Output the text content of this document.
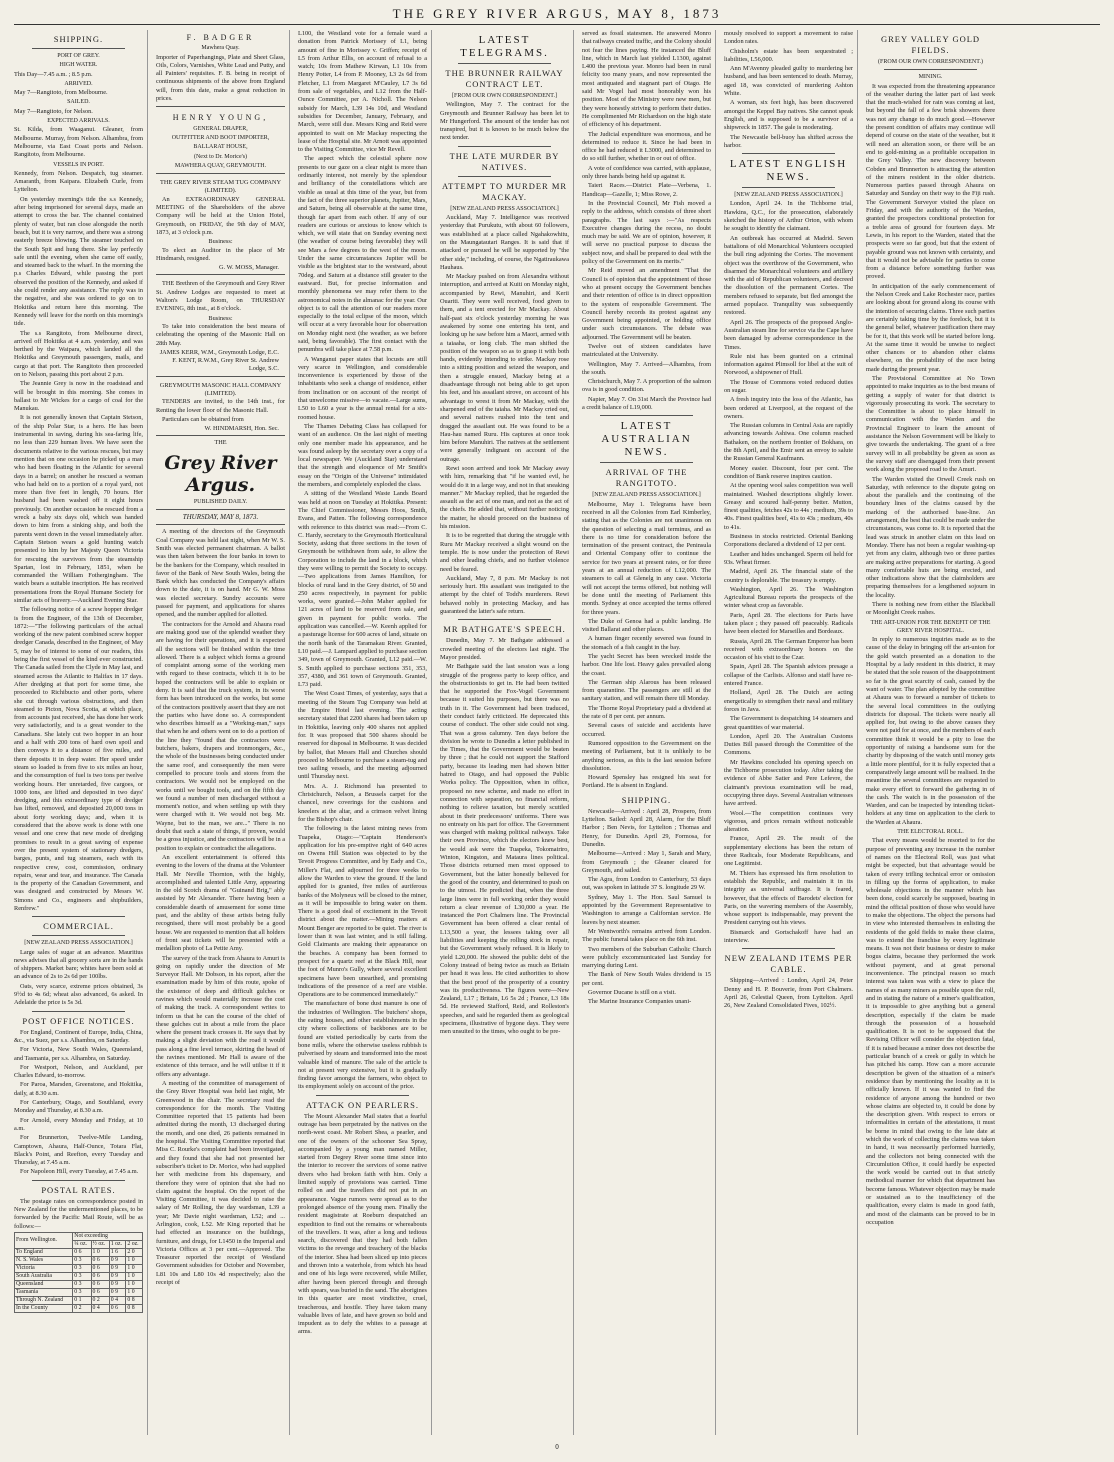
THE GREY RIVER ARGUS, MAY 8, 1873
SHIPPING.
PORT OF GREY.
HIGH WATER.

This Day—7.45 a.m. ; 8.5 p.m.

ARRIVED.

May 7—Rangitoto, from Melbourne.

SAILED.

May 7—Rangitoto, for Nelson.

EXPECTED ARRIVALS.

St. Kilda, from Waaganui. Gleaner, from Melbourne. Murray, from Nelson. Alhambra, from Melbourne, via East Coast ports and Nelson. Rangitoto, from Melbourne.

VESSELS IN PORT.

Kennedy, from Nelson. Despatch, tug steamer. Amaranth, from Kaipara. Elizabeth Curle, from Lyttelton.

On yesterday morning's tide the s.s Kennedy, after being imprisoned for several days, made an attempt to cross the bar. The channel contained plenty of water, but ran close alongside the north beach, but it is very narrow, and there was a strong easterly breeze blowing. The steamer touched on the South Spit and hung there. She lay perfectly safe until the evening, when she came off easily, and steamed back to the wharf. In the morning the p.s Charles Edward, while passing the port observed the position of the Kennedy, and asked if she could render any assistance. The reply was in the negative, and she was ordered to go on to Hokitika and return here this morning. The Kennedy will leave for the north on this morning's tide.

The s.s Rangitoto, from Melbourne direct, arrived off Hokitika at 4 a.m. yesterday, and was berthed by the Waipara, which landed all the Hokitika and Greymouth passengers, mails, and cargo at that port. The Rangitoto then proceeded on to Nelson, passing this port about 2 p.m.

The Jeannie Grey is now in the roadstead and will be brought in this morning. She comes in ballast to Mr Wickes for a cargo of coal for the Manukau.

It is not generally known that Captain Stetson, of the ship Polar Star, is a hero. He has been instrumental in saving, during his sea-faring life, no less than 229 human lives. We have seen the documents relative to the various rescues, but may mention that on one occasion he picked up a man who had been floating in the Atlantic for several days in a barrel; on another he rescued a woman who had held on to a portion of a royal yard, not more than five feet in length, 70 hours. Her husband had been washed off it eight hours previously. On another occasion he rescued from a wreck a baby six days old, which was handed down to him from a sinking ship, and both the parents went down in the vessel immediately after. Captain Stetson wears a gold hunting watch presented to him by her Majesty Queen Victoria for rescuing the survivors from the steamship Spartan, lost in February, 1851, when he commanded the William Fothergingham. The watch bears a suitable inscription. He has received presentations from the Royal Humane Society for similar acts of bravery.—Auckland Evening Star.

The following notice of a screw hopper dredger is from the Engineer, of the 13th of December, 1872:—"The following particulars of the actual working of the new patent combined screw hopper dredger Canada, described in the Engineer, of May 5, may be of interest to some of our readers, this being the first vessel of the kind ever constructed. The Canada sailed from the Clyde in May last, and steamed across the Atlantic to Halifax in 17 days. After dredging at that port for some time, she proceeded to Richibucto and other ports, where she cut through various obstructions, and then steamed to Picton, Nova Scotia, at which place, from accounts just received, she has done her work very satisfactorily, and is a great wonder to the Canadians. She lately cut two hopper in an hour and a half with 200 tons of hard own spoil and then conveys it to a distance of five miles, and there deposits it in deep water. Her speed under steam so loaded is from five to six miles an hour, and the consumption of fuel is two tons per twelve working hours. Her unretarded, five cargoes, or 1000 tons, are lifted and deposited in two days' dredging, and this extraordinary type of dredger has lifted, removed, and deposited 20,000 tons in about forty working days; and, when it is considered that the above work is done with one vessel and one crew that new mode of dredging promises to result in a great saving of expense over the present system of stationary dredgers, barges, punts, and tug steamers, each with its respective crew, cost, commission, ordinary repairs, wear and tear, and insurance. The Canada is the property of the Canadian Government, and was designed and constructed by Messrs W. Simons and Co., engineers and shipbuilders, Renfrew."

COMMERCIAL.
[NEW ZEALAND PRESS ASSOCIATION.]

Large sales of sugar at an advance. Mauritius news advises that all grocery sorts are in the hands of shippers. Market bare; whites have been sold at an advance of 2s to 2s 6d per 100lbs.

Oats, very scarce, extreme prices obtained, 3s 9½d to 4s 6d; wheat also advanced, 6s asked. In Adelaide the price is 5s 3d.

POST OFFICE NOTICES.

For England, Continent of Europe, India, China, &c., via Suez, per s.s. Alhambra, on Saturday.

For Victoria, New South Wales, Queensland, and Tasmania, per s.s. Alhambra, on Saturday.

For Westport, Nelson, and Auckland, per Charles Edward, to-morrow.

For Paroa, Marsden, Greenstone, and Hokitika, daily, at 8.30 a.m.

For Canterbury, Otago, and Southland, every Monday and Thursday, at 8.30 a.m.

For Arnold, every Monday and Friday, at 10 a.m.

For Brunnerton, Twelve-Mile Landing, Camptown, Ahaura, Half-Ounce, Totara Flat, Black's Point, and Reefton, every Tuesday and Thursday, at 7.45 a.m.

For Napoleon Hill, every Tuesday, at 7.45 a.m.

POSTAL RATES.

The postage rates on correspondence posted in New Zealand for the undermentioned places, to be forwarded by the Pacific Mail Route, will be as follows:—

From Wellington.	Not exceeding			
	¼ oz.	½ oz.	1 oz.	2 oz.
To England	0 6	1 0	1 6	2 0
N. S. Wales	0 3	0 6	0 9	1 0
Victoria	0 3	0 6	0 9	1 0
South Australia	0 3	0 6	0 9	1 0
Queensland	0 3	0 6	0 9	1 0
Tasmania	0 3	0 6	0 9	1 0
Through N. Zealand	0 1	0 2	0 4	0 8
In the County	0 2	0 4	0 6	0 8
F. BADGER
Mawhera Quay.

Importer of Paperhangings, Plate and Sheet Glass, Oils, Colors, Varnishes, White Lead and Putty, and all Painters' requisites. F. B. being in receipt of continuous shipments of the above from England will, from this date, make a great reduction in prices.

HENRY YOUNG,
GENERAL DRAPER,
OUTFITTER AND BOOT IMPORTER,
BALLARAT HOUSE,
(Next to Dr. Morice's)
MAWHERA QUAY, GREYMOUTH.
THE GREY RIVER STEAM TUG COMPANY (LIMITED).

An EXTRAORDINARY GENERAL MEETING of the Shareholders of the above Company will be held at the Union Hotel, Greymouth, on FRIDAY, the 9th day of MAY, 1873, at 3 o'clock p.m.

Business:

To elect an Auditor in the place of Mr Hindmarsh, resigned.

G. W. MOSS, Manager.

THE Brethren of the Greymouth and Grey River St. Andrew Lodges are requested to meet at Walton's Lodge Room, on THURSDAY EVENING, 8th inst., at 8 o'clock.

Business:

To take into consideration the best means of celebrating the opening of the Masonic Hall on 28th May.

JAMES KERR, W.M., Greymouth Lodge, E.C.
F. KENT, R.W.M., Grey River St. Andrew Lodge, S.C.
GREYMOUTH MASONIC HALL COMPANY (LIMITED).

TENDERS are invited, to the 14th inst., for Renting the lower floor of the Masonic Hall.

Particulars can be obtained from

W. HINDMARSH, Hon. Sec.
THE
Grey River Argus.
PUBLISHED DAILY.
THURSDAY, MAY 8, 1873.

A meeting of the directors of the Greymouth Coal Company was held last night, when Mr W. S. Smith was elected permanent chairman. A ballot was then taken between the four banks in town to be the bankers for the Company, which resulted in favor of the Bank of New South Wales, being the Bank which has conducted the Company's affairs down to the date, it is on hand. Mr G. W. Moss was elected secretary. Sundry accounts were passed for payment, and applications for shares opened, and the number applied for allotted.

The contractors for the Arnold and Ahaura road are making good use of the splendid weather they are having for their operations, and it is expected all the sections will be finished within the time allowed. There is a subject which forms a ground of complaint among some of the working men with regard to these contracts, which it is to be hoped the contractors will be able to explain or deny. It is said that the truck system, in its worst form has been introduced on the works, but some of the contractors positively assert that they are not the parties who have done so. A correspondent who describes himself as a "Working-man," says that when he and others went on to do a portion of the line they "found that the contractors were butchers, bakers, drapers and ironmongers, &c., the whole of the businesses being conducted under the same roof, and consequently the men were compelled to procure tools and stores from the contractors. We would not be employed on the works until we bought tools, and on the fifth day we found a number of men discharged without a moment's notice, and when settling up with they were charged with it. We would not beg. Mr. Wayne, but to the man, we are..." There is no doubt that such a state of things, if proven, would be a gross injustice, and the contractors will be in a position to explain or contradict the allegations.

An excellent entertainment is offered this evening to the lovers of the drama at the Volunteer Hall. Mr Neville Thornton, with the highly, accomplished and talented Little Amy, appearing in the old Scotch drama of "Guinand Brig," ably assisted by Mr Alexander. There having been a considerable dearth of amusement for some time past, and the ability of these artists being fully recognised, there will most probably be a good house. We are requested to mention that all holders of front seat tickets will be presented with a medallion photo of La Petite Amy.

The survey of the track from Ahaura to Amuri is going on rapidly under the direction of Mr Surveyor Hall. Mr Dobson, in his report, after the examination made by him of this route, spoke of the existence of deep and difficult gulches or ravines which would materially increase the cost of making the track. A correspondent writes to inform us that he can the course of the chief of these gulches cut in about a mile from the place where the present track crosses it. He says that by making a slight deviation with the road it would pass along a fine level terrace, skirting the head of the ravines mentioned. Mr Hall is aware of the existence of this terrace, and he will utilise it if it offers any advantage.

A meeting of the committee of management of the Grey River Hospital was held last night, Mr Greenwood in the chair. The secretary read the correspondence for the month. The Visiting Committee reported that 15 patients had been admitted during the month, 13 discharged during the month, and one died, 26 patients remained in the hospital. The Visiting Committee reported that Miss C. Rourke's complaint had been investigated, and they found that she had not presented her subscriber's ticket to Dr. Morice, who had supplied her with medicine from his dispensary, and therefore they were of opinion that she had no claim against the hospital. On the report of the Visiting Committee, it was decided to raise the salary of Mr Rolling, the day wardsman, L39 a year; Mr Davie night wardsman, L52; and ... Arlington, cook, L52. Mr King reported that he had effected an insurance on the buildings, furniture, and drugs, for L1450 in the Imperial and Victoria Offices at 3 per cent.—Approved. The Treasurer reported the receipt of Westland Government subsidies for October and November, L81 10s and L80 10s 4d respectively; also the receipt of

L100, the Westland vote for a female ward a donation from Patrick Morissey of L1, being amount of fine in Morissey v. Griffen; receipt of L5 from Arthur Ellis, on account of refusal to a watch; 10s from Mathew Kirwan, L1 10s from Henry Potter, L4 from P. Mooney, L3 2s 6d from Fletcher, L1 from Margaret M'Cauley, L7 3s 6d from sale of vegetables, and L12 from the Half-Ounce Committee, per A. Nicholl. The Nelson subsidy for March, L39 14s 10d, and Westland subsidies for December, January, February, and March, were still due. Messrs King and Reid were appointed to wait on Mr Mackay respecting the lease of the Hospital site. Mr Arnott was appointed to the Visiting Committee, vice Mr Revell.

The aspect which the celestial sphere now presents to our gaze on a clear night is more than ordinarily interest, not merely by the splendour and brilliancy of the constellations which are visible as usual at this time of the year, but from the fact of the three superior planets, Jupiter, Mars, and Saturn, being all observable at the same time, though far apart from each other. If any of our readers are curious or anxious to know which is which, we will state that on Sunday evening next (the weather of course being favorable) they will see Mars a few degrees to the west of the moon. Under the same circumstances Jupiter will be visible as the brightest star to the westward, about 70deg. and Saturn at a distance still greater to the eastward. But, for precise information and monthly phenomena we may refer them to the astronomical notes in the almanac for the year. Our object is to call the attention of our readers more especially to the total eclipse of the moon, which will occur at a very favorable hour for observation on Monday night next (the weather, as we before said, being favorable). The first contact with the penumbra will take place at 7.58 p.m.

A Wanganui paper states that locusts are still very scarce in Wellington, and considerable inconvenience is experienced by those of the inhabitants who seek a change of residence, either from inclination or on account of the receipt of that unwelcome missive—to vacate.—Large sums, L50 to L60 a year is the annual rental for a six-roomed house.

The Thames Debating Class has collapsed for want of an audience. On the last night of meeting only one member made his appearance, and he was found asleep by the secretary over a copy of a local newspaper. We (Auckland Star) understand that the strength and eloquence of Mr Smith's essay on the "Origin of the Universe" intimidated the members, and completely exploded the class.

A sitting of the Westland Waste Lands Board was held at noon on Tuesday at Hokitika. Present: The Chief Commissioner, Messrs Hoos, Smith, Evans, and Patten. The following correspondence with reference to this district was read:—From C. C. Hardy, secretary to the Greymouth Horticultural Society, asking that three sections in the town of Greymouth be withdrawn from sale, to allow the Corporation to include the land in a block, which they were willing to permit the Society to occupy.—Two applications from James Hamilton, for blocks of rural land in the Grey district, of 50 and 250 acres respectively, in payment for public works, were granted.—John Maher applied for 121 acres of land to be reserved from sale, and given in payment for public works. The application was cancelled.—W. Keenh applied for a pasturage license for 600 acres of land, situate on the north bank of the Taramakau River. Granted, L10 paid.—J. Lampard applied to purchase section 349, town of Greymouth. Granted, L12 paid.—W. S. Smith applied to purchase sections 351, 353, 357, 4380, and 361 town of Greymouth. Granted, L73 paid.

The West Coast Times, of yesterday, says that a meeting of the Steam Tug Company was held at the Empire Hotel last evening. The acting secretary stated that 2200 shares had been taken up in Hokitika, leaving only 400 shares not applied for. It was proposed that 500 shares should be reserved for disposal in Melbourne. It was decided by ballot, that Messrs Hall and Churches should proceed to Melbourne to purchase a steam-tug and two sailing vessels, and the meeting adjourned until Thursday next.

Mrs. A. J. Richmond has presented to Christchurch, Nelson, a Brussels carpet for the chancel, new coverings for the cushions and kneelers at the altar, and a crimson velvet lining for the Bishop's chair.

The following is the latest mining news from Tuapeka, Otago:—"Captain Henderson's application for his pre-emptive right of 640 acres on Owens Hill Station was objected to by the Tevoit Progress Committee, and by Eady and Co., Miller's Flat, and adjourned for three weeks to allow the Warden to view the ground. If the land applied for is granted, five miles of auriferous banks of the Molyneux will be closed to the miner, as it will be impossible to bring water on them. There is a good deal of excitement in the Tevoit district about the matter.—Mining matters at Mount Benger are reported to be quiet. The river is lower than it was last winter, and is still falling. Gold Claimants are making their appearance on the beaches. A company has been formed to prospect for a quartz reef at the Black Hill, near the foot of Munro's Gully, where several excellent specimens have been unearthed, and promising indications of the presence of a reef are visible. Operations are to be commenced immediately."

The manufacture of bone dust manure is one of the industries of Wellington. The butchers' shops, the eating houses, and other establishments in the city where collections of backbones are to be found are visited periodically by carts from the bone mills, where the otherwise useless rubbish is pulverised by steam and transformed into the most valuable kind of manure. The sale of the article is not at present very extensive, but it is gradually finding favor amongst the farmers, who object to its employment solely on account of the price.

ATTACK ON PEARLERS.

The Mount Alexander Mail states that a fearful outrage has been perpetrated by the natives on the north-west coast. Mr Robert Shea, a pearler, and one of the owners of the schooner Sea Spray, accompanied by a young man named Miller, started from Degrey River some time since into the interior to recover the services of some native divers who had broken faith with him. Only a limited supply of provisions was carried. Time rolled on and the travellers did not put in an appearance. Vague rumors were spread as to the prolonged absence of the young men. Finally the resident magistrate at Roeburn despatched an expedition to find out the remains or whereabouts of the travellers. It was, after a long and tedious search, discovered that they had both fallen victims to the revenge and treachery of the blacks of the interior. Shea had been sliced up into pieces and thrown into a waterhole, from which his head and one of his legs were recovered, while Miller, after having been pierced through and through with spears, was buried in the sand. The aborigines in this quarter are most vindictive, cruel, treacherous, and hostile. They have taken many valuable lives of late, and have grown so bold and impudent as to defy the whites to a passage at arms.

LATEST TELEGRAMS.
THE BRUNNER RAILWAY CONTRACT LET.
[FROM OUR OWN CORRESPONDENT.]

Wellington, May 7. The contract for the Greymouth and Brunner Railway has been let to Mr Hungerford. The amount of the tender has not transpired, but it is known to be much below the next tender.

THE LATE MURDER BY NATIVES.
ATTEMPT TO MURDER MR MACKAY.
[NEW ZEALAND PRESS ASSOCIATION.]

Auckland, May 7. Intelligence was received yesterday that Purukutu, with about 60 followers, was established at a place called Ngahakowhitu, on the Maungatautari Ranges. It is said that if attacked or pursued he will be supported by "the other side," including, of course, the Ngatiraukawa Hauhaus.

Mr Mackay pushed on from Alexandra without interruption, and arrived at Kuiti on Monday night, accompanied by Rewi, Manuhiri, and Kerii Ouariti. They were well received, food given to them, and a tent erected for Mr Mackay. About half-past six o'clock yesterday morning he was awakened by some one entering his tent, and looking up he saw before him a Maori, armed with a taiaaha, or long club. The man shifted the position of the weapon so as to grasp it with both hands, evidently intending to strike. Mackay rose into a sitting position and seized the weapon, and then a struggle ensued, Mackay being at a disadvantage through not being able to get upon his feet, and his assailant strove, on account of his advantage to wrest it from Mr Mackay, with the sharpened end of the taiaha. Mr Mackay cried out, and several natives rushed into the tent and dragged the assailant out. He was found to be a Hau-hau named Ruru. His captures at once took him before Manuhiri. The natives at the settlement were generally indignant on account of the outrage.

Rewi soon arrived and took Mr Mackay away with him, remarking that "if he wanted evil, he would do it in a large way, and not in that sneaking manner." Mr Mackay replied, that he regarded the assault as the act of one man, and not as the act of the chiefs. He added that, without further noticing the matter, he should proceed on the business of his mission.

It is to be regretted that during the struggle with Ruru Mr Mackay received a slight wound on the temple. He is now under the protection of Rewi and other leading chiefs, and no further violence need be feared.

Auckland, May 7, 8 p.m. Mr Mackay is not seriously hurt. His assailant was instigated to the attempt by the chief of Todd's murderers. Rewi behaved nobly in protecting Mackay, and has guaranteed the latter's safe return.

MR BATHGATE'S SPEECH.

Dunedin, May 7. Mr Bathgate addressed a crowded meeting of the electors last night. The Mayor presided.

Mr Bathgate said the last session was a long struggle of the progress party to keep office, and the obstructionists to get in. He had been twitted that he supported the Fox-Vogel Government because it suited his purposes, but there was no truth in it. The Government had been traduced, their conduct fairly criticized. He deprecated this course of conduct. The other side could not sing. That was a gross calumny. Ten days before the division he wrote to Dunedin a letter published in the Times, that the Government would be beaten by three ; that he could not support the Stafford party, because its leading men had shown bitter hatred to Otago, and had opposed the Public Works policy. The Opposition, when in office, proposed no new scheme, and made no effort in connection with separation, no financial reform, nothing to relieve taxation, but merely scuttled about in their predecessors' uniforms. There was no entreaty on his part for office. The Government was charged with making political railways. Take their own Province, which the electors knew best, he would ask were the Tuapeka, Tokomairiro, Winton, Kingston, and Mataura lines political. Those districts returned men most opposed to Government, but the latter honestly believed for the good of the country, and determined to push on to the utmost. He predicted that, when the three large lines were in full working order they would return a clear revenue of L30,000 a year. He instanced the Port Chalmers line. The Provincial Government has been offered a clear rental of L13,500 a year, the lessees taking over all liabilities and keeping the rolling stock in repair, but the Government wisely refused. It is likely to yield L20,000. He showed the public debt of the Colony instead of being twice as much as Britain per head it was less. He cited authorities to show that the best proof of the prosperity of a country was its productiveness. The figures were—New Zealand, L17 ; Britain, L6 5s 2d ; France, L3 18s 5d. He reviewed Stafford, Reid, and Rolleston's speeches, and said he regarded them as geological specimens, illustrative of bygone days. They were men unsuited to the times, who ought to be pre-

served as fossil statesmen. He answered Monro that railways created traffic, and the Colony should not fear the lines paying. He instanced the Bluff line, which in March last yielded L1300, against L400 the previous year. Monro had been in rural felicity too many years, and now represented the most antiquated and stagnant part of Otago. He said Mr Vogel had most honorably won his position. Most of the Ministry were new men, but they were honestly striving to perform their duties. He complimented Mr Richardson on the high state of efficiency of his department.

The Judicial expenditure was enormous, and he determined to reduce it. Since he had been in office he had reduced it L3000, and determined to do so still further, whether in or out of office.

A vote of confidence was carried, with applause, only three hands being held up against it.

Taieri Races.—District Plate—Verbena, 1. Handicap—Gazelle, 1; Miss Rowe, 2.

In the Provincial Council, Mr Fish moved a reply to the address, which consists of three short paragraphs. The last says :—"As respects Executive changes during the recess, no doubt much may be said. We are of opinion, however, it will serve no practical purpose to discuss the subject now, and shall be prepared to deal with the policy of the Government on its merits."

Mr Reid moved an amendment "That the Council is of opinion that the appointment of those who at present occupy the Government benches and their retention of office is in direct opposition to the system of responsible Government. The Council hereby records its protest against any Government being appointed, or holding office under such circumstances. The debate was adjourned. The Government will be beaten.

Twelve out of sixteen candidates have matriculated at the University.

Wellington, May 7. Arrived—Alhambra, from the south.

Christchurch, May 7. A proportion of the salmon ova is in good condition.

Napier, May 7. On 31st March the Province had a credit balance of L19,000.

LATEST AUSTRALIAN NEWS.
ARRIVAL OF THE RANGITOTO.
[NEW ZEALAND PRESS ASSOCIATION.]

Melbourne, May 1. Telegrams have been received in all the Colonies from Earl Kimberley, stating that as the Colonies are not unanimous on the question of selecting a mail terminus, and as there is no time for consideration before the termination of the present contract, the Peninsula and Oriental Company offer to continue the service for two years at present rates, or for three years at an annual reduction of L12,000. The steamers to call at Glenelg in any case. Victoria will not accept the terms offered, but nothing will be done until the meeting of Parliament this month. Sydney at once accepted the terms offered for three years.

The Duke of Genoa had a public landing. He visited Ballarat and other places.

A human finger recently severed was found in the stomach of a fish caught in the bay.

The yacht Secret has been wrecked inside the harbor. One life lost. Heavy gales prevailed along the coast.

The German ship Alarous has been released from quarantine. The passengers are still at the sanitary station, and will remain there till Monday.

The Thorne Royal Proprietary paid a dividend at the rate of 8 per cent. per annum.

Several cases of suicide and accidents have occurred.

Rumored opposition to the Government on the meeting of Parliament, but it is unlikely to be anything serious, as this is the last session before dissolution.

Howard Spensley has resigned his seat for Portland. He is absent in England.

SHIPPING.

Newcastle—Arrived : April 28, Prospero, from Lyttelton. Sailed: April 28, Alarm, for the Bluff Harbor ; Ben Nevis, for Lyttelton ; Thomas and Henry, for Dunedin. April 29, Formosa, for Dunedin.

Melbourne—Arrived : May 1, Sarah and Mary, from Greymouth ; the Gleaner cleared for Greymouth, and sailed.

The Agra, from London to Canterbury, 53 days out, was spoken in latitude 37 S. longitude 29 W.

Sydney, May 1. The Hon. Saul Samuel is appointed by the Government Representative to Washington to arrange a Californian service. He leaves by next steamer.

Mr Wentworth's remains arrived from London. The public funeral takes place on the 6th inst.

Two members of the Suburban Catholic Church were publicly excommunicated last Sunday for marrying during Lent.

The Bank of New South Wales dividend is 15 per cent.

Governor Ducane is still on a visit.

The Marine Insurance Companies unani-

mously resolved to support a movement to raise London rates.

Chisholm's estate has been sequestrated ; liabilities, L56,000.

Ann M'Avenny pleaded guilty to murdering her husband, and has been sentenced to death. Murray, aged 18, was convicted of murdering Ashton White.

A woman, six feet high, has been discovered amongst the Keppel Bay natives. She cannot speak English, and is supposed to be a survivor of a shipwreck in 1857. The gale is moderating.

The Newcastle bell-buoy has shifted across the harbor.

LATEST ENGLISH NEWS.
[NEW ZEALAND PRESS ASSOCIATION.]

London, April 24. In the Tichborne trial, Hawkins, Q.C., for the prosecution, elaborately sketched the history of Arthur Orton, with whom he sought to identify the claimant.

An outbreak has occurred at Madrid. Seven battalions of old Monarchical Volunteers occupied the bull ring adjoining the Cortes. The movement object was the overthrow of the Government, who disarmed the Monarchical volunteers and artillery with the aid of Republican volunteers, and decreed the dissolution of the permanent Cortes. The members refused to separate, but fled amongst the armed populace. Tranquility was subsequently restored.

April 26. The prospects of the proposed Anglo-Australian steam line for service via the Cape have been damaged by adverse correspondence in the Times.

Rule nisi has been granted on a criminal information against Plimsoll for libel at the suit of Norwood, a shipowner of Hull.

The House of Commons voted reduced duties on sugar.

A fresh inquiry into the loss of the Atlantic, has been ordered at Liverpool, at the request of the owners.

The Russian columns in Central Asia are rapidly advancing towards Ashiwa. One column reached Bathaken, on the northern frontier of Bokhara, on the 8th April, and the Emir sent an envoy to salute the Russian General Kaufmann.

Money easier. Discount, four per cent. The condition of Bank reserve inspires caution.

At the opening wool sales competition was well maintained. Washed descriptions slightly lower. Greasy and scoured half-penny better. Mutton, finest qualities, fetches 42s to 44s ; medium, 39s to 40s. Finest qualities beef, 41s to 43s ; medium, 40s to 41s.

Business in stocks restricted. Oriental Banking Corporations declared a dividend of 12 per cent.

Leather and hides unchanged. Sperm oil held for 93s. Wheat firmer.

Madrid, April 26. The financial state of the country is deplorable. The treasury is empty.

Washington, April 26. The Washington Agricultural Bureau reports the prospects of the winter wheat crop as favorable.

Paris, April 28. The elections for Paris have taken place ; they passed off peaceably. Radicals have been elected for Marseilles and Bordeaux.

Russia, April 28. The German Emperor has been received with extraordinary honors on the occasion of his visit to the Czar.

Spain, April 28. The Spanish advices presage a collapse of the Carlists. Alfonso and staff have re-entered France.

Holland, April 28. The Dutch are acting energetically to strengthen their naval and military forces in Java.

The Government is despatching 14 steamers and great quantities of war material.

London, April 20. The Australian Customs Duties Bill passed through the Committee of the Commons.

Mr Hawkins concluded his opening speech on the Tichborne prosecution today. After taking the evidence of Abbe Satier and Pere Lefevre, the claimant's previous examination will be read, occupying three days. Several Australian witnesses have arrived.

Wool.—The competition continues very vigorous, and prices remain without noticeable alteration.

France, April 29. The result of the supplementary elections has been the return of three Radicals, four Moderate Republicans, and one Legitimist.

M. Thiers has expressed his firm resolution to establish the Republic, and maintain it in its integrity as universal suffrage. It is feared, however, that the effects of Barodets' election for Paris, on the wavering members of the Assembly, whose support is indispensable, may prevent the President carrying out his views.

Bismarck and Gortschakoff have had an interview.

NEW ZEALAND ITEMS PER CABLE.

Shipping—Arrived : London, April 24, Peter Denny and H. P. Bouverie, from Port Chalmers. April 26, Celestial Queen, from Lyttelton. April 26, New Zealand Consolidated Fives, 102½.

GREY VALLEY GOLD FIELDS.
(FROM OUR OWN CORRESPONDENT.)
MINING.

It was expected from the threatening appearance of the weather during the latter part of last week that the much-wished for rain was coming at last, but beyond the fall of a few brisk showers there was not any change to do much good.—However the present condition of affairs may continue will depend of course on the state of the weather, but it will need an alteration soon, or there will be an end to gold-mining as a profitable occupation in the Grey Valley. The new discovery between Cobden and Brunnerton is attracting the attention of the miners resident in the older districts. Numerous parties passed through Ahaura on Saturday and Sunday on their way to the Fiji rush. The Government Surveyor visited the place on Friday, and with the authority of the Warden, granted the prospectors conditional protection for a treble area of ground for fourteen days. Mr Lewis, in his report to the Warden, stated that the prospects were so far good, but that the extent of payable ground was not known with certainty, and that it would not be advisable for parties to come from a distance before something further was proved.

In anticipation of the early commencement of the Nelson Creek and Lake Rochester race, parties are looking about for ground along its course with the intention of securing claims. Three such parties are certainly taking time by the forelock, but it is the general belief, whatever justification there may be for it, that this work will be started before long. At the same time it would be unwise to neglect other chances or to abandon other claims elsewhere, on the probability of the race being made during the present year.

The Provisional Committee at No Town appointed to make inquiries as to the best means of getting a supply of water for that district is vigorously prosecuting its work. The secretary to the Committee is about to place himself in communication with the Warden and the Provincial Engineer to learn the amount of assistance the Nelson Government will be likely to give towards the undertaking. The grant of a free survey will in all probability be given as soon as the survey staff are disengaged from their present work along the proposed road to the Amuri.

The Warden visited the Orwell Creek rush on Saturday, with reference to the dispute going on about the parallels and the continuing of the boundary lines of the claims caused by the marking of the authorised base-line. An arrangement, the best that could be made under the circumstances, was come to. It is reported that the lead was struck in another claim on this lead on Monday. There has not been a regular washing-up yet from any claim, although two or three parties are making active preparations for starting. A good many comfortable huts are being erected, and other indications show that the claimholders are preparing themselves for a lengthened sojourn in the locality.

There is nothing new from either the Blackball or Moonlight Creek rushes.

THE ART-UNION FOR THE BENEFIT OF THE GREY RIVER HOSPITAL.

In reply to numerous inquiries made as to the cause of the delay in bringing off the art-union for the gold watch presented as a donation to the Hospital by a lady resident in this district, it may be stated that the sole reason of the disappointment so far is the great scarcity of cash, caused by the want of water. The plan adopted by the committee at Ahaura was to forward a number of tickets to the several local committees in the outlying districts for disposal. The tickets were nearly all applied for, but owing to the above causes they were not paid for at once, and the members of each committee think it would be a pity to lose the opportunity of raising a handsome sum for the charity by disposing of the watch until money gets a little more plentiful, for it is fully expected that a comparatively large amount will be realised. In the meantime the several committees are requested to make every effort to forward the gathering in of the cash. The watch is in the possession of the Warden, and can be inspected by intending ticket-holders at any time on application to the clerk to the Warden at Ahaura.

THE ELECTORAL ROLL.

That every means would be resorted to for the purpose of preventing any increase in the number of names on the Electoral Roll, was just what might be expected, but that advantage would be taken of every trifling technical error or omission in filling up the forms of application, to make wholesale objections in the manner which has been done, could scarcely be supposed, bearing in mind the official position of those who would have to make the objections. The object the persons had in view who interested themselves in enlisting the residents of the gold fields to make these claims, was to extend the franchise by every legitimate means. It was not their business or desire to make bogus claims, because they performed the work without payment, and at great personal inconvenience. The principal reason so much interest was taken was with a view to place the names of as many miners as possible upon the roll, and in stating the nature of a miner's qualification, it is impossible to give anything but a general description, especially if the claim be made through the possession of a household qualification. It is not to be supposed that the Revising Officer will consider the objection fatal, if it is raised because a miner does not describe the particular branch of a creek or gully in which he has pitched his camp. How can a more accurate description be given of the situation of a miner's residence than by mentioning the locality as it is officially known. If it was wanted to find the residence of anyone among the hundred or two whose claims are objected to, it could be done by the description given. With respect to errors or informalities in certain of the attestations, it must be borne in mind that owing to the late date at which the work of collecting the claims was taken in hand, it was necessarily performed hurriedly, and the collectors not being connected with the Circumlution Office, it could hardly be expected the work would be carried out in that strictly methodical manner for which that department has become famous. Whatever objection may be made or sustained as to the insufficiency of the qualification, every claim is made in good faith, and most of the claimants can be proved to be in occupation

0
